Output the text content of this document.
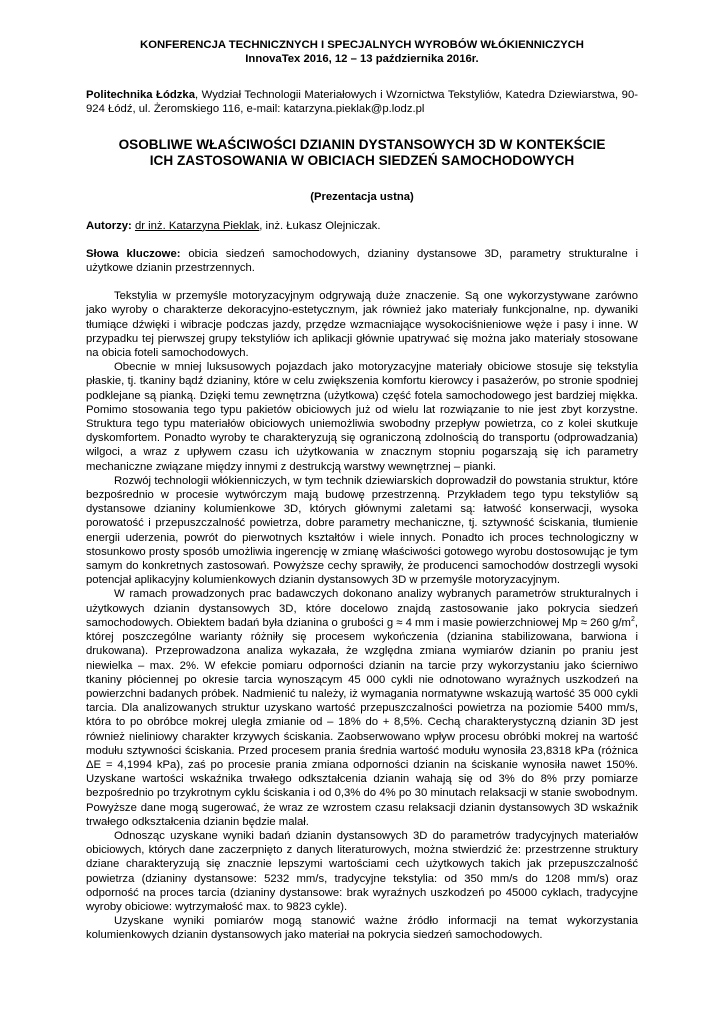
KONFERENCJA TECHNICZNYCH I SPECJALNYCH WYROBÓW WŁÓKIENNICZYCH
InnovaTex 2016, 12 – 13 października 2016r.
Politechnika Łódzka, Wydział Technologii Materiałowych i Wzornictwa Tekstyliów, Katedra Dziewiarstwa, 90-924 Łódź, ul. Żeromskiego 116, e-mail: katarzyna.pieklak@p.lodz.pl
OSOBLIWE WŁAŚCIWOŚCI DZIANIN DYSTANSOWYCH 3D W KONTEKŚCIE
ICH ZASTOSOWANIA W OBICIACH SIEDZEŃ SAMOCHODOWYCH
(Prezentacja ustna)
Autorzy: dr inż. Katarzyna Pieklak, inż. Łukasz Olejniczak.
Słowa kluczowe: obicia siedzeń samochodowych, dzianiny dystansowe 3D, parametry strukturalne i użytkowe dzianin przestrzennych.

Tekstylia w przemyśle motoryzacyjnym odgrywają duże znaczenie. Są one wykorzystywane zarówno jako wyroby o charakterze dekoracyjno-estetycznym, jak również jako materiały funkcjonalne, np. dywaniki tłumiące dźwięki i wibracje podczas jazdy, przędze wzmacniające wysokociśnieniowe węże i pasy i inne. W przypadku tej pierwszej grupy tekstyliów ich aplikacji głównie upatrywać się można jako materiały stosowane na obicia foteli samochodowych.

Obecnie w mniej luksusowych pojazdach jako motoryzacyjne materiały obiciowe stosuje się tekstylia płaskie, tj. tkaniny bądź dzianiny, które w celu zwiększenia komfortu kierowcy i pasażerów, po stronie spodniej podklejane są pianką. Dzięki temu zewnętrzna (użytkowa) część fotela samochodowego jest bardziej miękka. Pomimo stosowania tego typu pakietów obiciowych już od wielu lat rozwiązanie to nie jest zbyt korzystne. Struktura tego typu materiałów obiciowych uniemożliwia swobodny przepływ powietrza, co z kolei skutkuje dyskomfortem. Ponadto wyroby te charakteryzują się ograniczoną zdolnością do transportu (odprowadzania) wilgoci, a wraz z upływem czasu ich użytkowania w znacznym stopniu pogarszają się ich parametry mechaniczne związane między innymi z destrukcją warstwy wewnętrznej – pianki.

Rozwój technologii włókienniczych, w tym technik dziewiarskich doprowadził do powstania struktur, które bezpośrednio w procesie wytwórczym mają budowę przestrzenną. Przykładem tego typu tekstyliów są dystansowe dzianiny kolumienkowe 3D, których głównymi zaletami są: łatwość konserwacji, wysoka porowatość i przepuszczalność powietrza, dobre parametry mechaniczne, tj. sztywność ściskania, tłumienie energii uderzenia, powrót do pierwotnych kształtów i wiele innych. Ponadto ich proces technologiczny w stosunkowo prosty sposób umożliwia ingerencję w zmianę właściwości gotowego wyrobu dostosowując je tym samym do konkretnych zastosowań. Powyższe cechy sprawiły, że producenci samochodów dostrzegli wysoki potencjał aplikacyjny kolumienkowych dzianin dystansowych 3D w przemyśle motoryzacyjnym.

W ramach prowadzonych prac badawczych dokonano analizy wybranych parametrów strukturalnych i użytkowych dzianin dystansowych 3D, które docelowo znajdą zastosowanie jako pokrycia siedzeń samochodowych. Obiektem badań była dzianina o grubości g ≈ 4 mm i masie powierzchniowej Mp ≈ 260 $g/m^2$, której poszczególne warianty różniły się procesem wykończenia (dzianina stabilizowana, barwiona i drukowana). Przeprowadzona analiza wykazała, że względna zmiana wymiarów dzianin po praniu jest niewielka – max. 2%. W efekcie pomiaru odporności dzianin na tarcie przy wykorzystaniu jako ścierniwo tkaniny płóciennej po okresie tarcia wynoszącym 45 000 cykli nie odnotowano wyraźnych uszkodzeń na powierzchni badanych próbek. Nadmienić tu należy, iż wymagania normatywne wskazują wartość 35 000 cykli tarcia. Dla analizowanych struktur uzyskano wartość przepuszczalności powietrza na poziomie 5400 mm/s, która to po obróbce mokrej uległa zmianie od – 18% do + 8,5%. Cechą charakterystyczną dzianin 3D jest również nieliniowy charakter krzywych ściskania. Zaobserwowano wpływ procesu obróbki mokrej na wartość modułu sztywności ściskania. Przed procesem prania średnia wartość modułu wynosiła 23,8318 kPa (różnica ΔE = 4,1994 kPa), zaś po procesie prania zmiana odporności dzianin na ściskanie wynosiła nawet 150%. Uzyskane wartości wskaźnika trwałego odkształcenia dzianin wahają się od 3% do 8% przy pomiarze bezpośrednio po trzykrotnym cyklu ściskania i od 0,3% do 4% po 30 minutach relaksacji w stanie swobodnym. Powyższe dane mogą sugerować, że wraz ze wzrostem czasu relaksacji dzianin dystansowych 3D wskaźnik trwałego odkształcenia dzianin będzie malał.

Odnosząc uzyskane wyniki badań dzianin dystansowych 3D do parametrów tradycyjnych materiałów obiciowych, których dane zaczerpnięto z danych literaturowych, można stwierdzić że: przestrzenne struktury dziane charakteryzują się znacznie lepszymi wartościami cech użytkowych takich jak przepuszczalność powietrza (dzianiny dystansowe: 5232 mm/s, tradycyjne tekstylia: od 350 mm/s do 1208 mm/s) oraz odporność na proces tarcia (dzianiny dystansowe: brak wyraźnych uszkodzeń po 45000 cyklach, tradycyjne wyroby obiciowe: wytrzymałość max. to 9823 cykle).

Uzyskane wyniki pomiarów mogą stanowić ważne źródło informacji na temat wykorzystania kolumienkowych dzianin dystansowych jako materiał na pokrycia siedzeń samochodowych.
